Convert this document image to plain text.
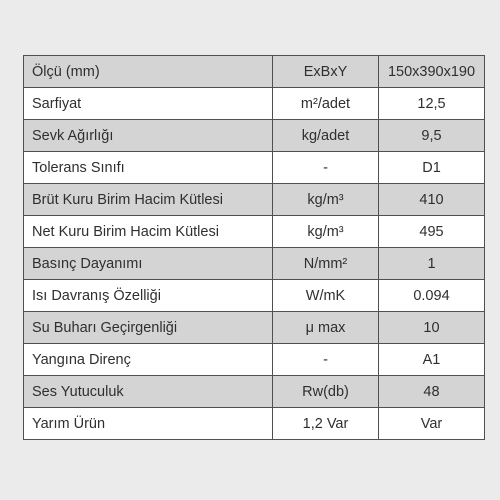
Ölçü (mm)	ExBxY	150x390x190
Sarfiyat	m²/adet	12,5
Sevk Ağırlığı	kg/adet	9,5
Tolerans Sınıfı	-	D1
Brüt Kuru Birim Hacim Kütlesi	kg/m³	410
Net Kuru Birim Hacim Kütlesi	kg/m³	495
Basınç Dayanımı	N/mm²	1
Isı Davranış Özelliği	W/mK	0.094
Su Buharı Geçirgenliği	μ max	10
Yangına Direnç	-	A1
Ses Yutuculuk	Rw(db)	48
Yarım Ürün	1,2 Var	Var
